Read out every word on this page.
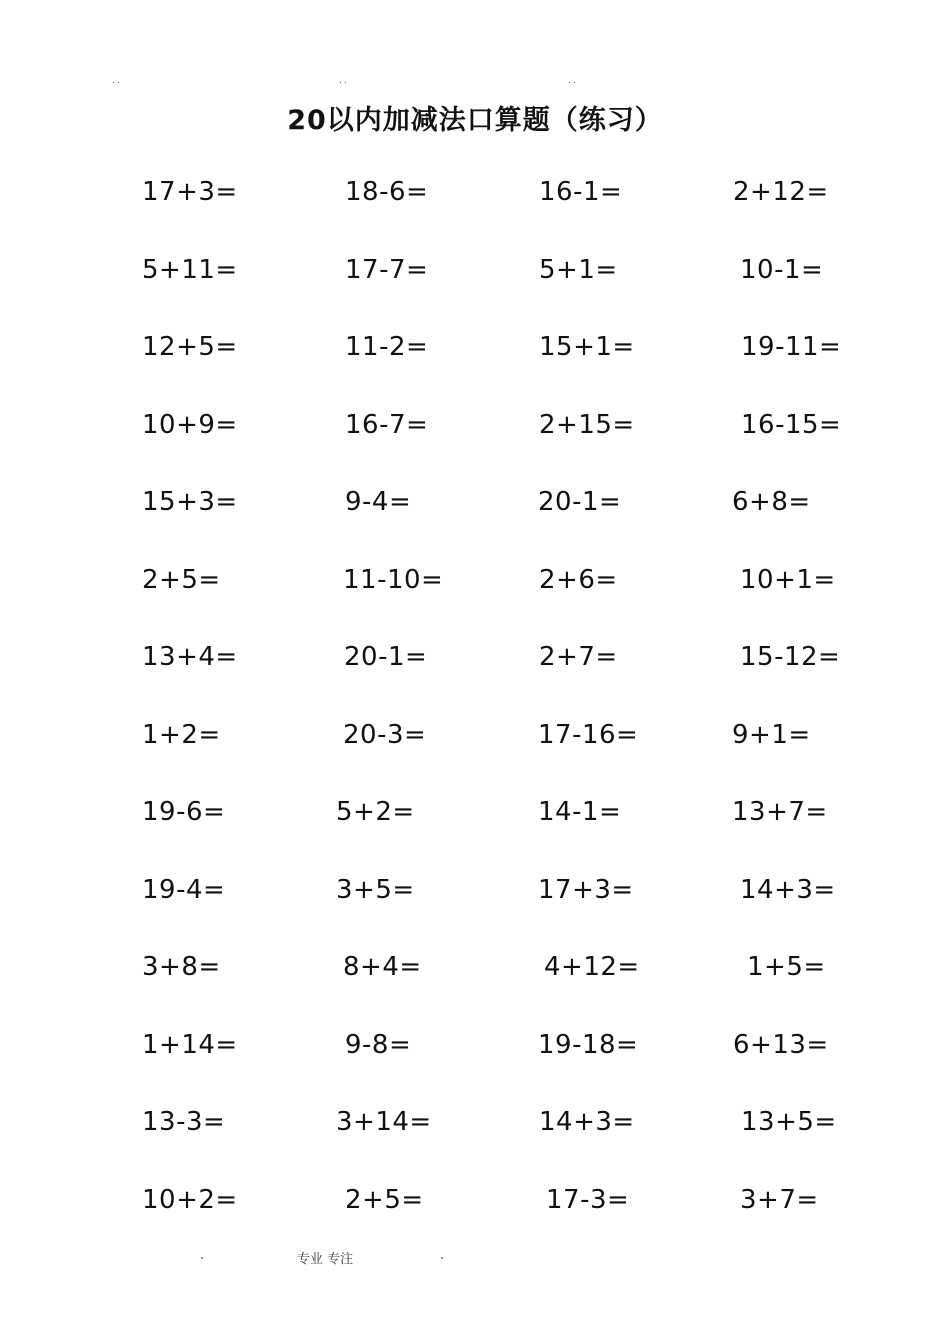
..	..	..
20以内加减法口算题（练习）
17+3=	18-6=	16-1=	2+12=
5+11=	17-7=	5+1=	10-1=
12+5=	11-2=	15+1=	19-11=
10+9=	16-7=	2+15=	16-15=
15+3=	9-4=	20-1=	6+8=
2+5=	11-10=	2+6=	10+1=
13+4=	20-1=	2+7=	15-12=
1+2=	20-3=	17-16=	9+1=
19-6=	5+2=	14-1=	13+7=
19-4=	3+5=	17+3=	14+3=
3+8=	8+4=	4+12=	1+5=
1+14=	9-8=	19-18=	6+13=
13-3=	3+14=	14+3=	13+5=
10+2=	2+5=	17-3=	3+7=
.	专业 专注	.
